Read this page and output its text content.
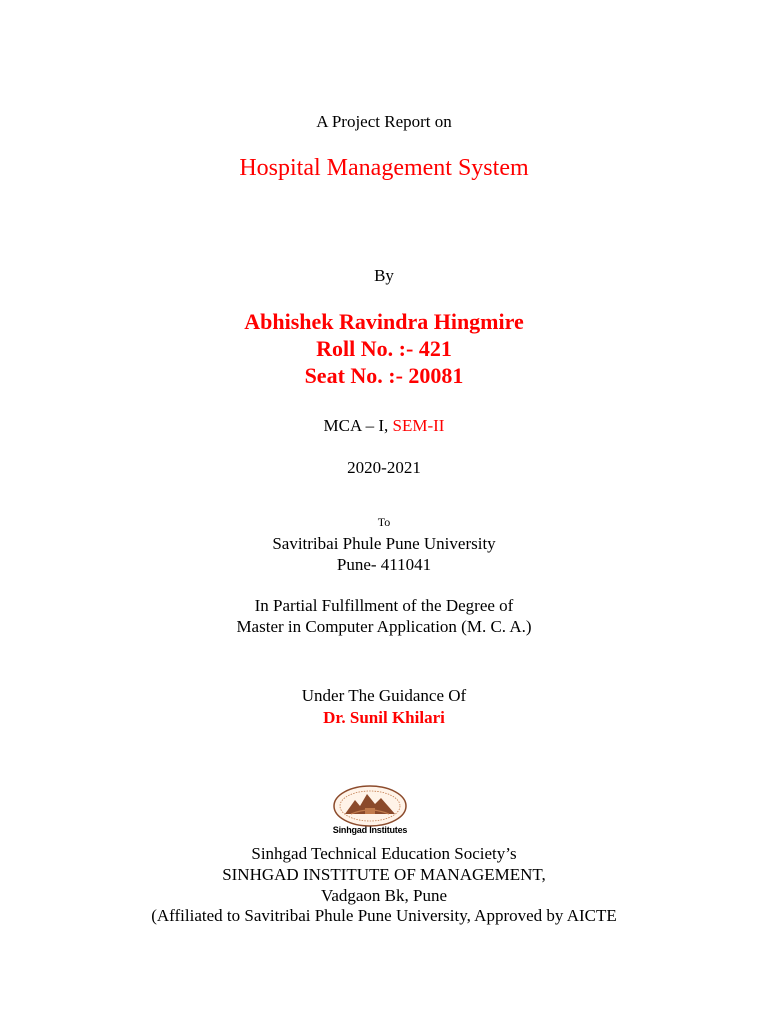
A Project Report on
Hospital Management System
By
Abhishek Ravindra Hingmire
Roll No. :- 421
Seat No. :- 20081
MCA – I, SEM-II
2020-2021
To
Savitribai Phule Pune University
Pune- 411041
In Partial Fulfillment of the Degree of
Master in Computer Application (M. C. A.)
Under The Guidance Of
Dr. Sunil Khilari
Sinhgad Institutes
Sinhgad Technical Education Society’s
SINHGAD INSTITUTE OF MANAGEMENT,
Vadgaon Bk, Pune
(Affiliated to Savitribai Phule Pune University, Approved by AICTE
